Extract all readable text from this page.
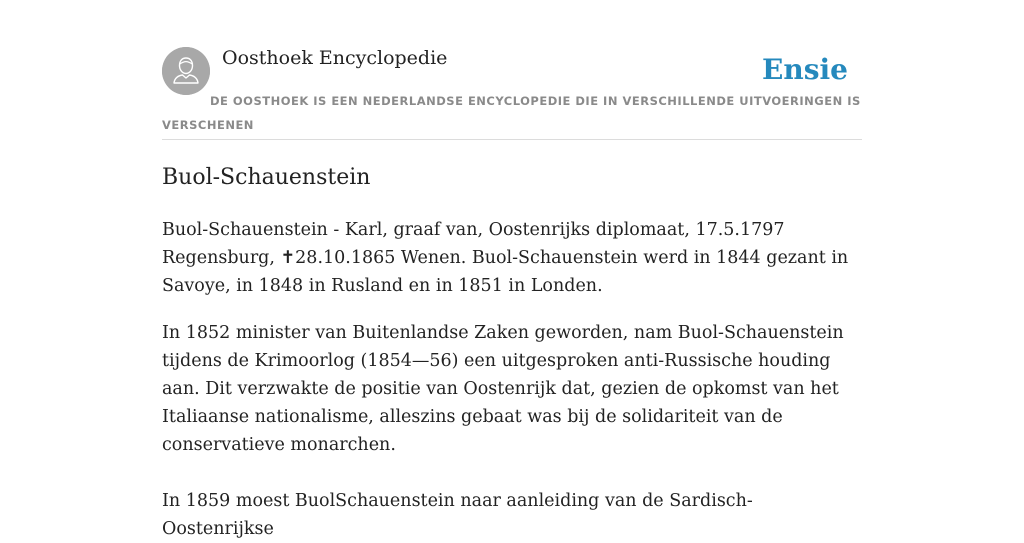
Oosthoek Encyclopedie	Ensie
DE OOSTHOEK IS EEN NEDERLANDSE ENCYCLOPEDIE DIE IN VERSCHILLENDE UITVOERINGEN IS VERSCHENEN
Buol-Schauenstein

Buol-Schauenstein - Karl, graaf van, Oostenrijks diplomaat, 17.5.1797 Regensburg, ✝28.10.1865 Wenen. Buol-Schauenstein werd in 1844 gezant in Savoye, in 1848 in Rusland en in 1851 in Londen.

In 1852 minister van Buitenlandse Zaken geworden, nam Buol-Schauenstein tijdens de Krimoorlog (1854—56) een uitgesproken anti-Russische houding aan. Dit verzwakte de positie van Oostenrijk dat, gezien de opkomst van het Italiaanse nationalisme, alleszins gebaat was bij de solidariteit van de conservatieve monarchen.

In 1859 moest BuolSchauenstein naar aanleiding van de Sardisch-Oostenrijkse
